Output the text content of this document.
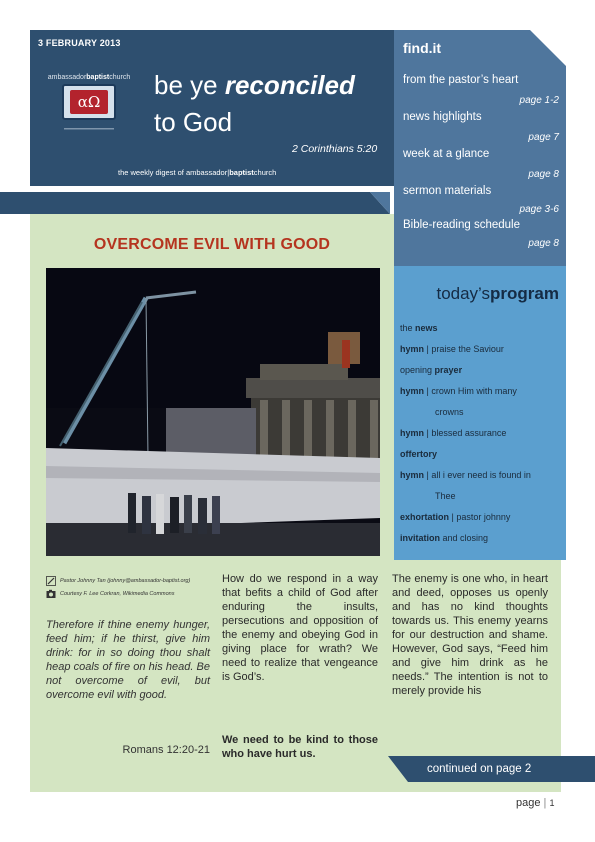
3 FEBRUARY 2013
ambassadorbaptistchurch
αΩ
be ye reconciled
to God
2 Corinthians 5:20
the weekly digest of ambassador|baptistchurch
find.it
from the pastor’s heart
page 1-2
news highlights
page 7
week at a glance
page 8
sermon materials
page 3-6
Bible-reading schedule
page 8
today’sprogram
the news
hymn | praise the Saviour
opening prayer
hymn | crown Him with many
crowns
hymn | blessed assurance
offertory
hymn | all i ever need is found in
Thee
exhortation | pastor johnny
invitation and closing
from the pastor’s heart
OVERCOME EVIL WITH GOOD
Pastor Johnny Tan (johnny@ambassador-baptist.org)
Courtesy F. Lee Corkran, Wikimedia Commons
Therefore if thine enemy hunger, feed him; if he thirst, give him drink: for in so doing thou shalt heap coals of fire on his head. Be not overcome of evil, but overcome evil with good.
Romans 12:20-21
How do we respond in a way that befits a child of God after enduring the insults, persecutions and opposition of the enemy and obeying God in giving place for wrath? We need to realize that vengeance is God’s.
We need to be kind to those who have hurt us.
The enemy is one who, in heart and deed, opposes us openly and has no kind thoughts towards us. This enemy yearns for our destruction and shame. However, God says, “Feed him and give him drink as he needs.” The intention is not to merely provide his
continued on page 2
page | 1
